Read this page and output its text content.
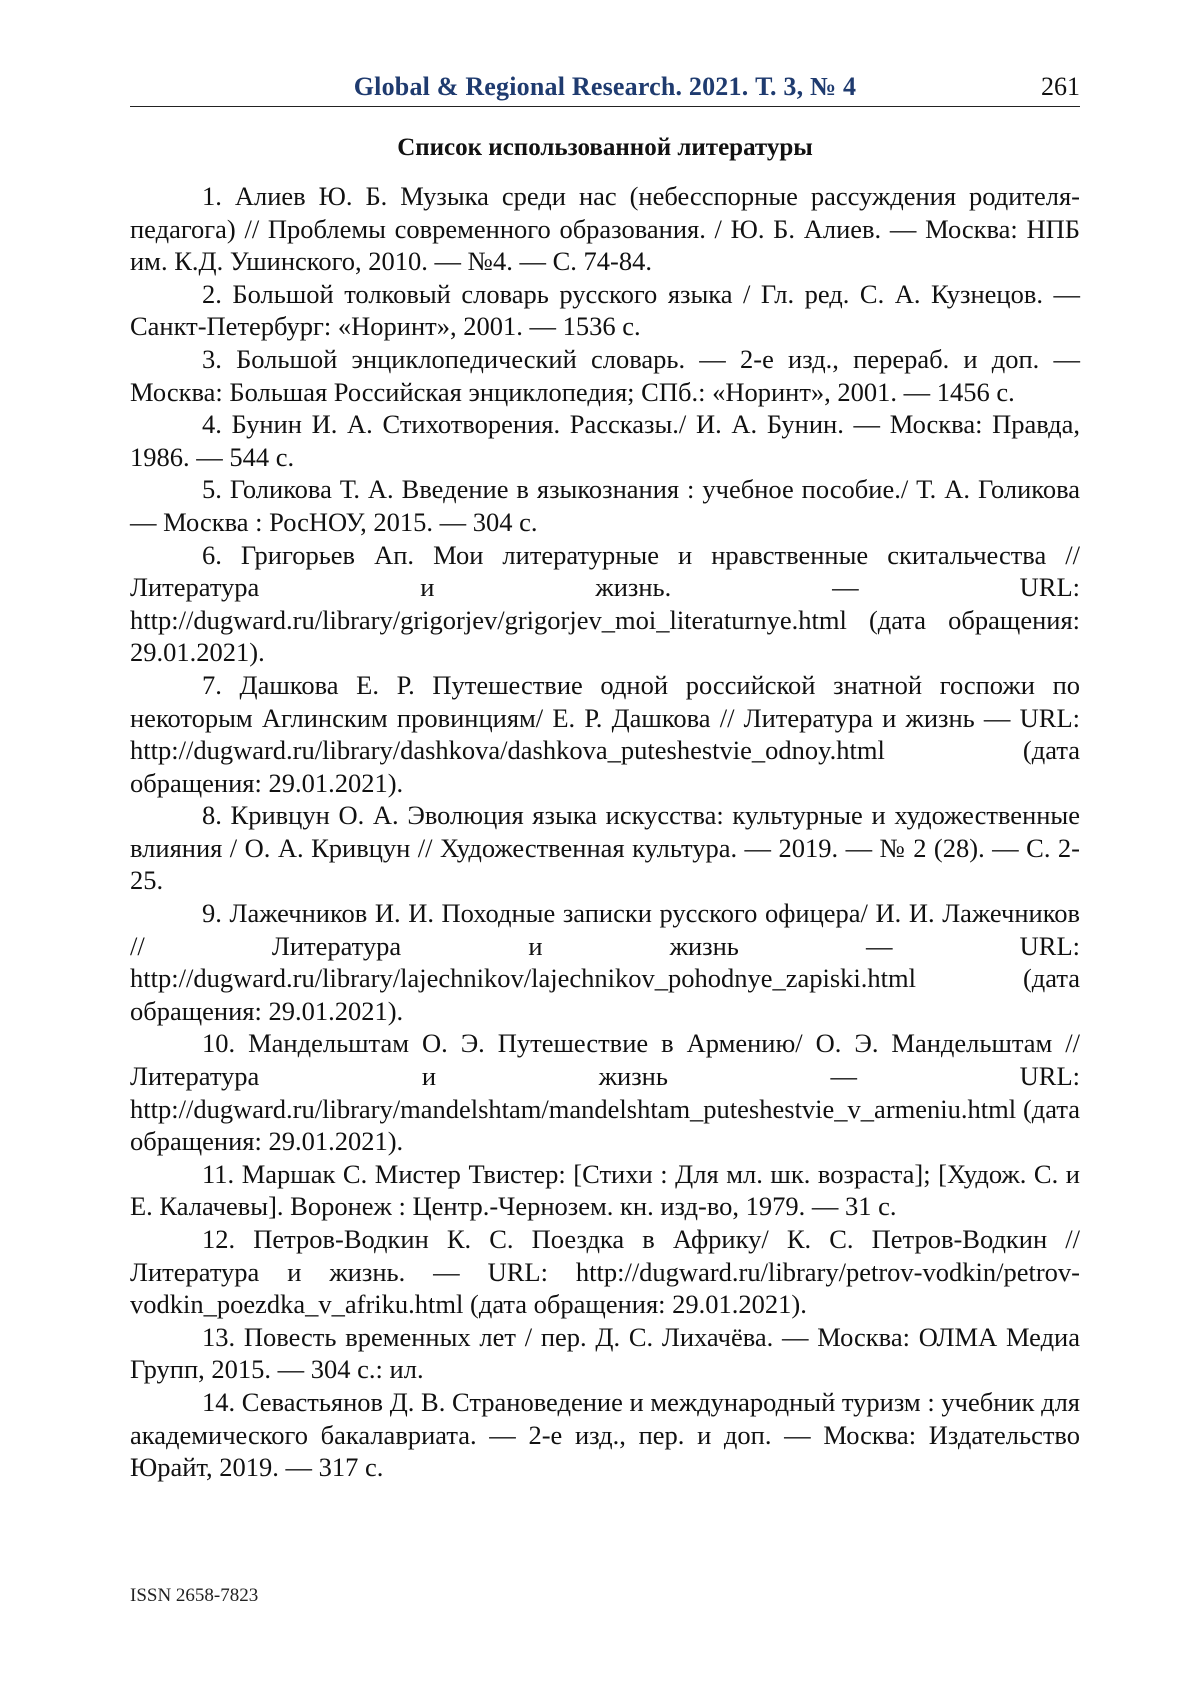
Global & Regional Research. 2021. Т. 3, № 4	261
Список использованной литературы
1. Алиев Ю. Б. Музыка среди нас (небесспорные рассуждения родителя-педагога) // Проблемы современного образования. / Ю. Б. Алиев. — Москва: НПБ им. К.Д. Ушинского, 2010. — №4. — С. 74-84.
2. Большой толковый словарь русского языка / Гл. ред. С. А. Кузнецов. — Санкт-Петербург: «Норинт», 2001. — 1536 с.
3. Большой энциклопедический словарь. — 2-е изд., перераб. и доп. — Москва: Большая Российская энциклопедия; СПб.: «Норинт», 2001. — 1456 с.
4. Бунин И. А. Стихотворения. Рассказы./ И. А. Бунин. — Москва: Правда, 1986. — 544 с.
5. Голикова Т. А. Введение в языкознания : учебное пособие./ Т. А. Голикова — Москва : РосНОУ, 2015. — 304 с.
6. Григорьев Ап. Мои литературные и нравственные скитальчества // Литература и жизнь. — URL: http://dugward.ru/library/grigorjev/grigorjev_moi_literaturnye.html (дата обращения: 29.01.2021).
7. Дашкова Е. Р. Путешествие одной российской знатной госпожи по некоторым Аглинским провинциям/ Е. Р. Дашкова // Литература и жизнь — URL: http://dugward.ru/library/dashkova/dashkova_puteshestvie_odnoy.html (дата обращения: 29.01.2021).
8. Кривцун О. А. Эволюция языка искусства: культурные и художественные влияния / О. А. Кривцун // Художественная культура. — 2019. — № 2 (28). — С. 2-25.
9. Лажечников И. И. Походные записки русского офицера/ И. И. Лажечников // Литература и жизнь — URL: http://dugward.ru/library/lajechnikov/lajechnikov_pohodnye_zapiski.html (дата обращения: 29.01.2021).
10. Мандельштам О. Э. Путешествие в Армению/ О. Э. Мандельштам // Литература и жизнь — URL: http://dugward.ru/library/mandelshtam/mandelshtam_puteshestvie_v_armeniu.html (дата обращения: 29.01.2021).
11. Маршак С. Мистер Твистер: [Стихи : Для мл. шк. возраста]; [Худож. С. и Е. Калачевы]. Воронеж : Центр.-Чернозем. кн. изд-во, 1979. — 31 с.
12. Петров-Водкин К. С. Поездка в Африку/ К. С. Петров-Водкин // Литература и жизнь. — URL: http://dugward.ru/library/petrov-vodkin/petrov-vodkin_poezdka_v_afriku.html (дата обращения: 29.01.2021).
13. Повесть временных лет / пер. Д. С. Лихачёва. — Москва: ОЛМА Медиа Групп, 2015. — 304 с.: ил.
14. Севастьянов Д. В. Страноведение и международный туризм : учебник для академического бакалавриата. — 2-е изд., пер. и доп. — Москва: Издательство Юрайт, 2019. — 317 с.
ISSN 2658-7823
